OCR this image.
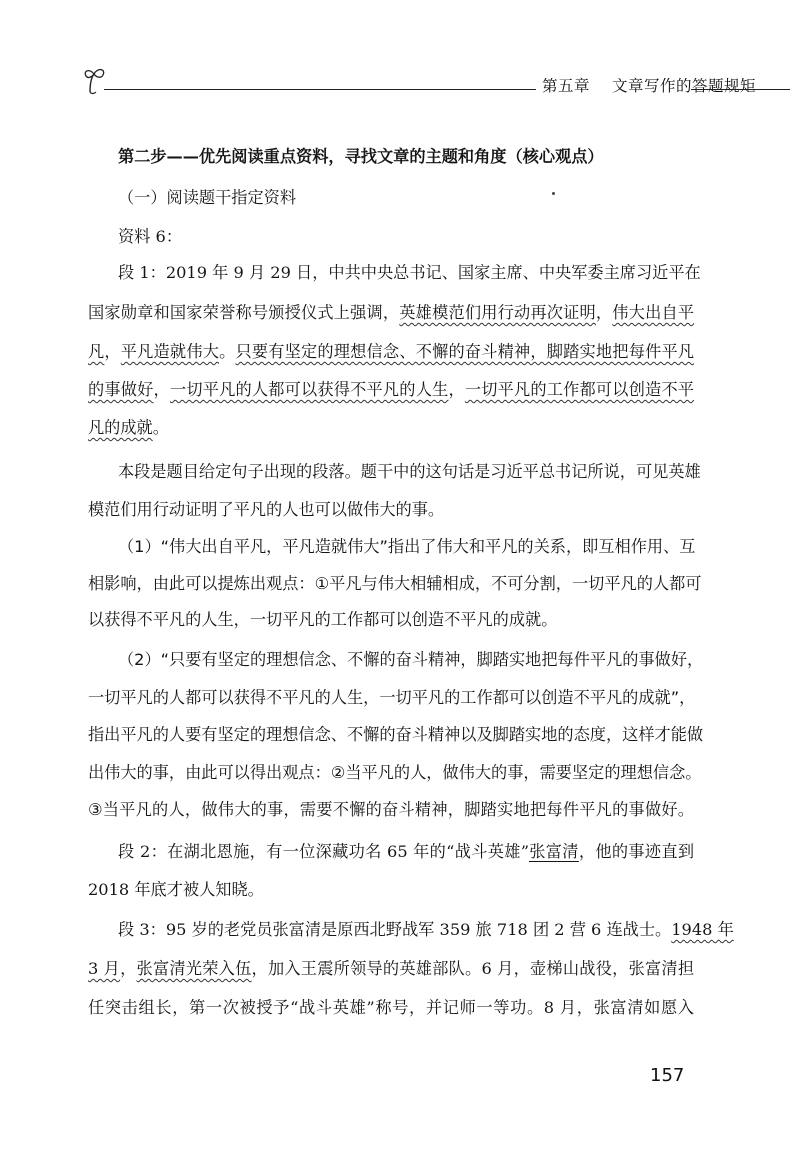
第五章 文章写作的答题规矩
第二步——优先阅读重点资料，寻找文章的主题和角度（核心观点）
（一）阅读题干指定资料
资料 6：
段 1：2019 年 9 月 29 日，中共中央总书记、国家主席、中央军委主席习近平在
国家勋章和国家荣誉称号颁授仪式上强调，英雄模范们用行动再次证明，伟大出自平
凡，平凡造就伟大。只要有坚定的理想信念、不懈的奋斗精神，脚踏实地把每件平凡
的事做好，一切平凡的人都可以获得不平凡的人生，一切平凡的工作都可以创造不平
凡的成就。
本段是题目给定句子出现的段落。题干中的这句话是习近平总书记所说，可见英雄
模范们用行动证明了平凡的人也可以做伟大的事。
（1）“伟大出自平凡，平凡造就伟大”指出了伟大和平凡的关系，即互相作用、互
相影响，由此可以提炼出观点：①平凡与伟大相辅相成，不可分割，一切平凡的人都可
以获得不平凡的人生，一切平凡的工作都可以创造不平凡的成就。
（2）“只要有坚定的理想信念、不懈的奋斗精神，脚踏实地把每件平凡的事做好，
一切平凡的人都可以获得不平凡的人生，一切平凡的工作都可以创造不平凡的成就”，
指出平凡的人要有坚定的理想信念、不懈的奋斗精神以及脚踏实地的态度，这样才能做
出伟大的事，由此可以得出观点：②当平凡的人，做伟大的事，需要坚定的理想信念。
③当平凡的人，做伟大的事，需要不懈的奋斗精神，脚踏实地把每件平凡的事做好。
段 2：在湖北恩施，有一位深藏功名 65 年的“战斗英雄”张富清，他的事迹直到
2018 年底才被人知晓。
段 3：95 岁的老党员张富清是原西北野战军 359 旅 718 团 2 营 6 连战士。1948 年
3 月，张富清光荣入伍，加入王震所领导的英雄部队。6 月，壶梯山战役，张富清担
任突击组长，第一次被授予“战斗英雄”称号，并记师一等功。8 月，张富清如愿入
157
